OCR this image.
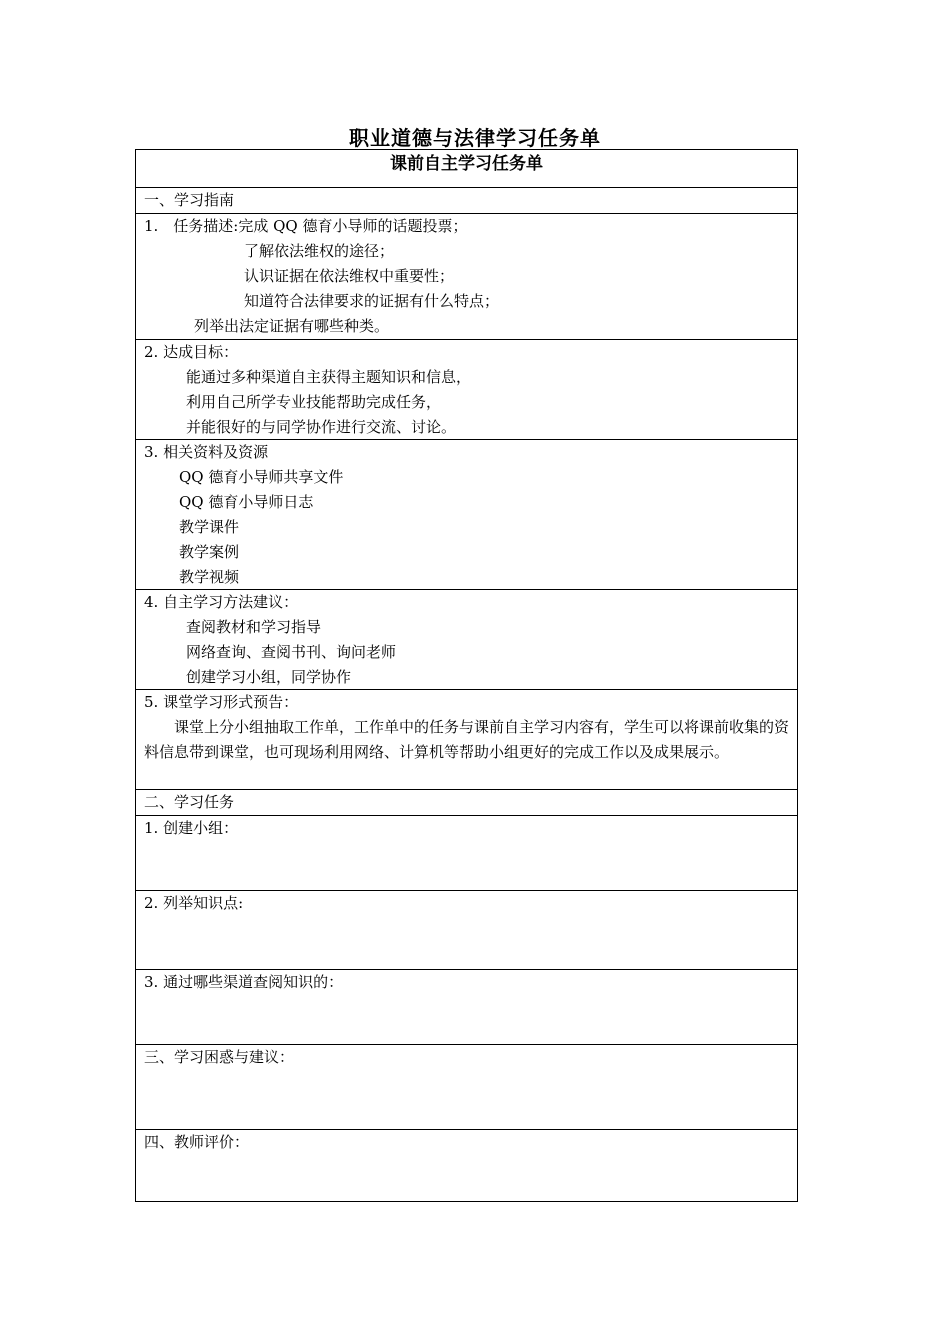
职业道德与法律学习任务单
课前自主学习任务单
一、学习指南
1.　任务描述:完成 QQ 德育小导师的话题投票；
了解依法维权的途径；
认识证据在依法维权中重要性；
知道符合法律要求的证据有什么特点；
列举出法定证据有哪些种类。
2. 达成目标：
能通过多种渠道自主获得主题知识和信息，
利用自己所学专业技能帮助完成任务，
并能很好的与同学协作进行交流、讨论。
3. 相关资料及资源
QQ 德育小导师共享文件
QQ 德育小导师日志
教学课件
教学案例
教学视频
4. 自主学习方法建议：
查阅教材和学习指导
网络查询、查阅书刊、询问老师
创建学习小组，同学协作
5. 课堂学习形式预告：
课堂上分小组抽取工作单，工作单中的任务与课前自主学习内容有，学生可以将课前收集的资料信息带到课堂，也可现场利用网络、计算机等帮助小组更好的完成工作以及成果展示。
二、学习任务
1. 创建小组：
2. 列举知识点:
3. 通过哪些渠道查阅知识的：
三、学习困惑与建议：
四、教师评价：
